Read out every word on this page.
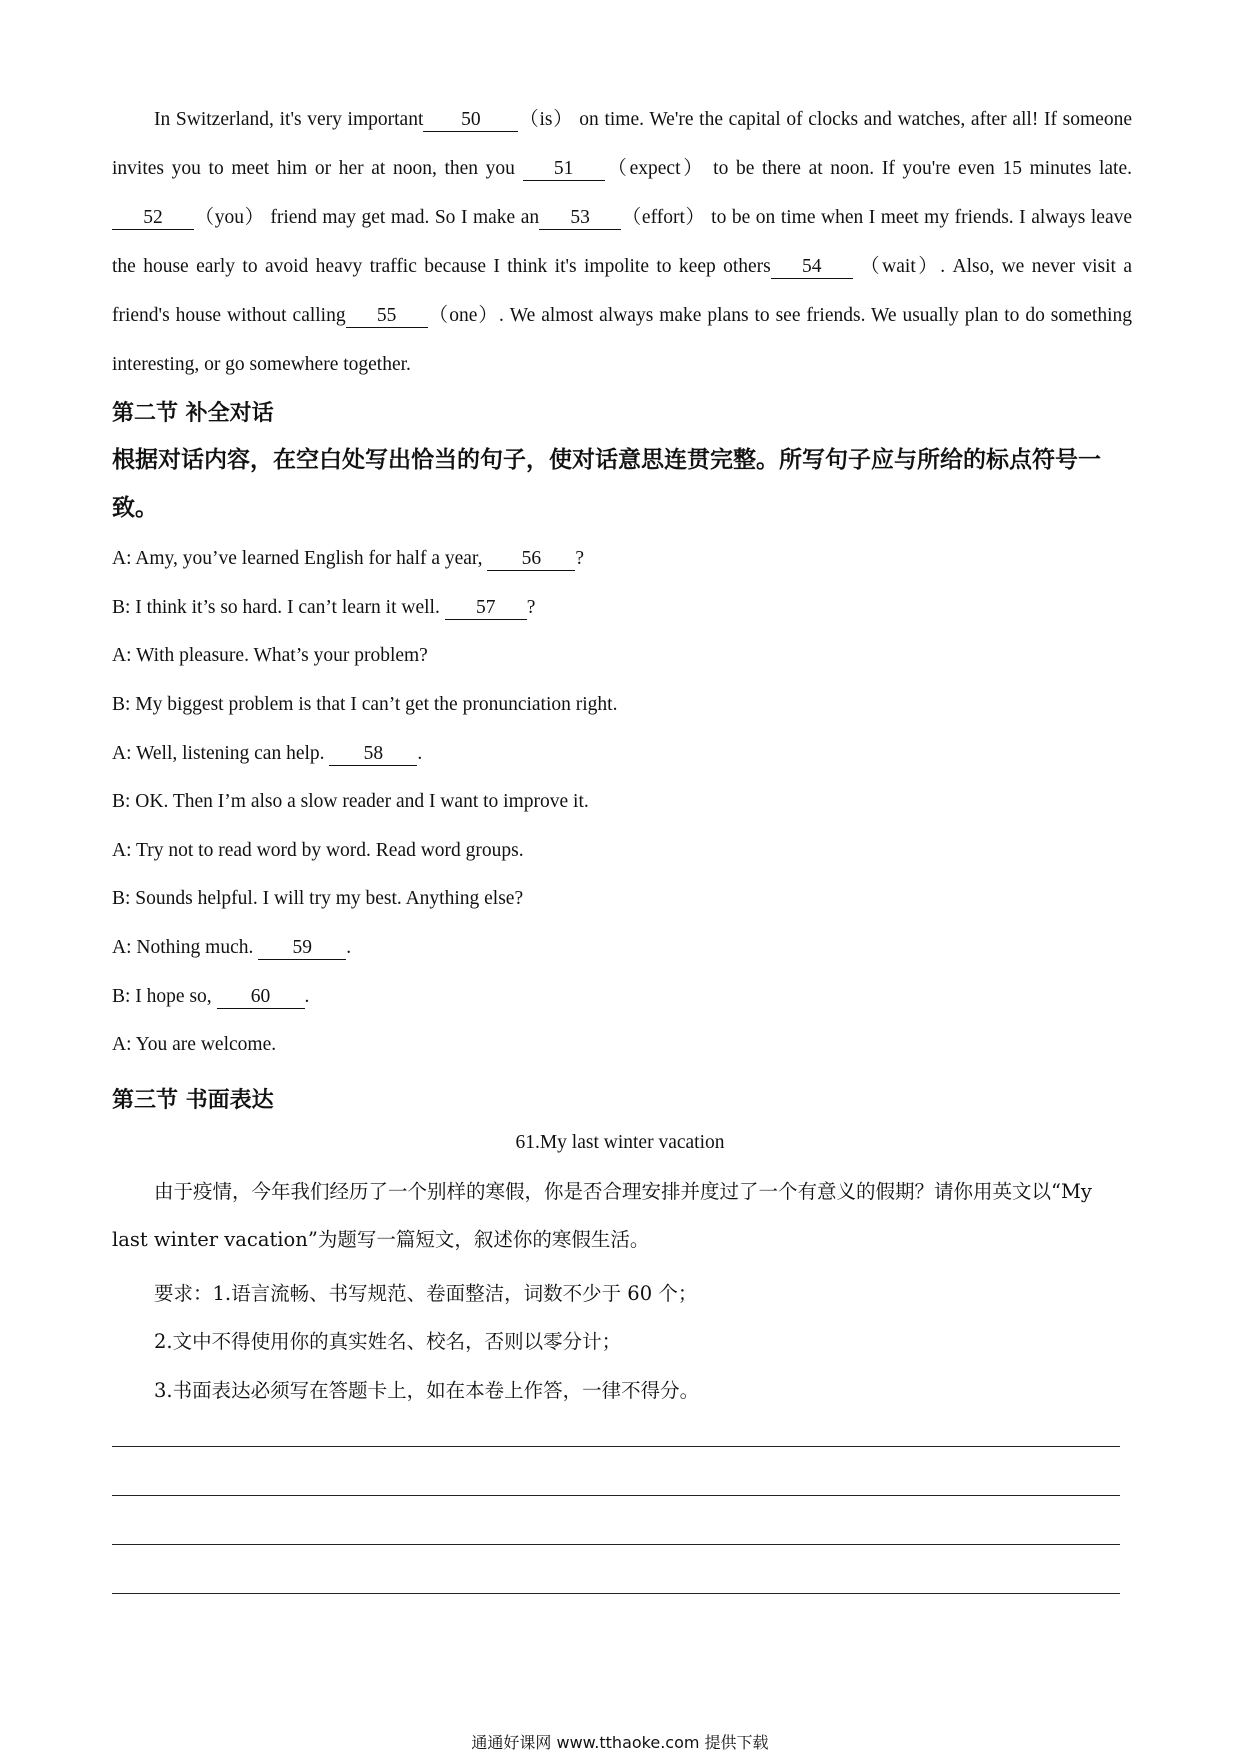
In Switzerland, it's very important 50 （is） on time. We're the capital of clocks and watches, after all! If someone invites you to meet him or her at noon, then you 51 （expect） to be there at noon. If you're even 15 minutes late.52 （you） friend may get mad. So I make an 53 （effort） to be on time when I meet my friends. I always leave the house early to avoid heavy traffic because I think it's impolite to keep others 54 （wait）. Also, we never visit a friend's house without calling 55 （one）. We almost always make plans to see friends. We usually plan to do something interesting, or go somewhere together.

第二节 补全对话

根据对话内容，在空白处写出恰当的句子，使对话意思连贯完整。所写句子应与所给的标点符号一致。

A: Amy, you’ve learned English for half a year, 56 ?

B: I think it’s so hard. I can’t learn it well. 57 ?

A: With pleasure. What’s your problem?

B: My biggest problem is that I can’t get the pronunciation right.

A: Well, listening can help. 58 .

B: OK. Then I’m also a slow reader and I want to improve it.

A: Try not to read word by word. Read word groups.

B: Sounds helpful. I will try my best. Anything else?

A: Nothing much. 59 .

B: I hope so, 60 .

A: You are welcome.

第三节 书面表达

61.My last winter vacation

由于疫情，今年我们经历了一个别样的寒假，你是否合理安排并度过了一个有意义的假期？请你用英文以“My last winter vacation”为题写一篇短文，叙述你的寒假生活。

要求：1.语言流畅、书写规范、卷面整洁，词数不少于 60 个；

2.文中不得使用你的真实姓名、校名，否则以零分计；

3.书面表达必须写在答题卡上，如在本卷上作答，一律不得分。

通通好课网 www.tthaoke.com 提供下载
